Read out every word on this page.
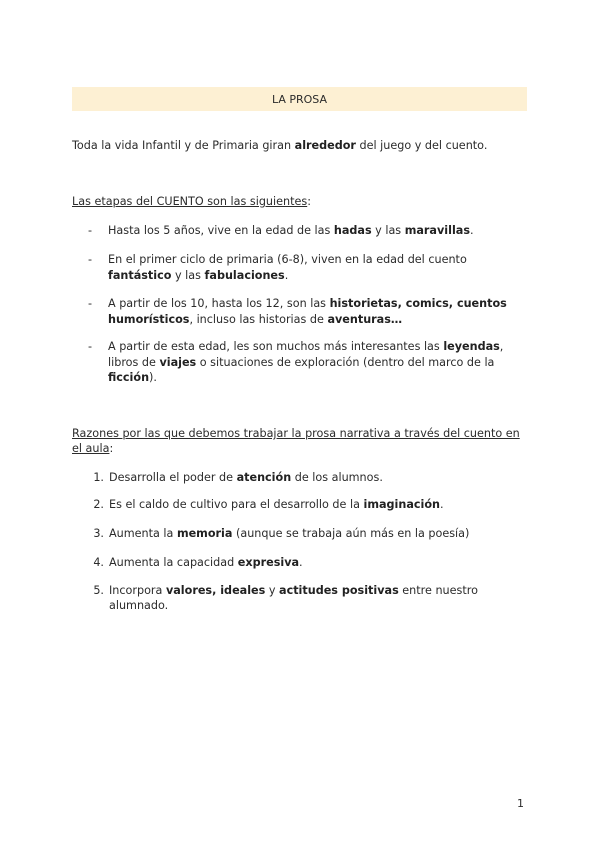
LA PROSA
Toda la vida Infantil y de Primaria giran alrededor del juego y del cuento.
Las etapas del CUENTO son las siguientes:
- Hasta los 5 años, vive en la edad de las hadas y las maravillas.
- En el primer ciclo de primaria (6-8), viven en la edad del cuento fantástico y las fabulaciones.
- A partir de los 10, hasta los 12, son las historietas, comics, cuentos humorísticos, incluso las historias de aventuras…
- A partir de esta edad, les son muchos más interesantes las leyendas, libros de viajes o situaciones de exploración (dentro del marco de la ficción).
Razones por las que debemos trabajar la prosa narrativa a través del cuento en el aula:
1. Desarrolla el poder de atención de los alumnos.
2. Es el caldo de cultivo para el desarrollo de la imaginación.
3. Aumenta la memoria (aunque se trabaja aún más en la poesía)
4. Aumenta la capacidad expresiva.
5. Incorpora valores, ideales y actitudes positivas entre nuestro alumnado.
1
